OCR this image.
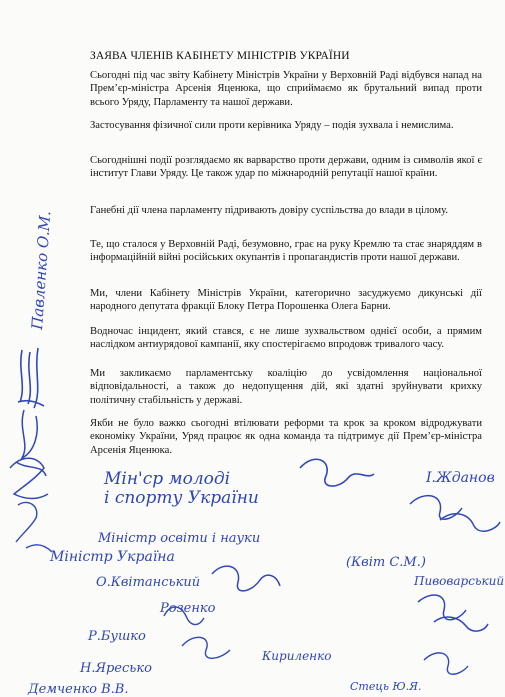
ЗАЯВА ЧЛЕНІВ КАБІНЕТУ МІНІСТРІВ УКРАЇНИ
Сьогодні під час звіту Кабінету Міністрів України у Верховній Раді відбувся напад на Прем’єр-міністра Арсенія Яценюка, що сприймаємо як брутальний випад проти всього Уряду, Парламенту та нашої держави.
Застосування фізичної сили проти керівника Уряду – подія зухвала і немислима.
Сьогоднішні події розглядаємо як варварство проти держави, одним із символів якої є інститут Глави Уряду. Це також удар по міжнародній репутації нашої країни.
Ганебні дії члена парламенту підривають довіру суспільства до влади в цілому.
Те, що сталося у Верховній Раді, безумовно, грає на руку Кремлю та стає знаряддям в інформаційній війні російських окупантів і пропагандистів проти нашої держави.
Ми, члени Кабінету Міністрів України, категорично засуджуємо дикунські дії народного депутата фракції Блоку Петра Порошенка Олега Барни.
Водночас інцидент, який стався, є не лише зухвальством однієї особи, а прямим наслідком антиурядової кампанії, яку спостерігаємо впродовж тривалого часу.
Ми закликаємо парламентську коаліцію до усвідомлення національної відповідальності, а також до недопущення дій, які здатні зруйнувати крихку політичну стабільність у державі.
Якби не було важко сьогодні втілювати реформи та крок за кроком відроджувати економіку України, Уряд працює як одна команда та підтримує дії Прем’єр-міністра Арсенія Яценюка.
Павленко О.М.
Мін'ср молоді
і спорту України
Міністр освіти і науки
Міністр Україна
О.Квітанський
Розенко
Р.Бушко
Н.Яресько
Демченко В.В.
Кириленко
І.Жданов
(Квіт С.М.)
Пивоварський
Стець Ю.Я.
